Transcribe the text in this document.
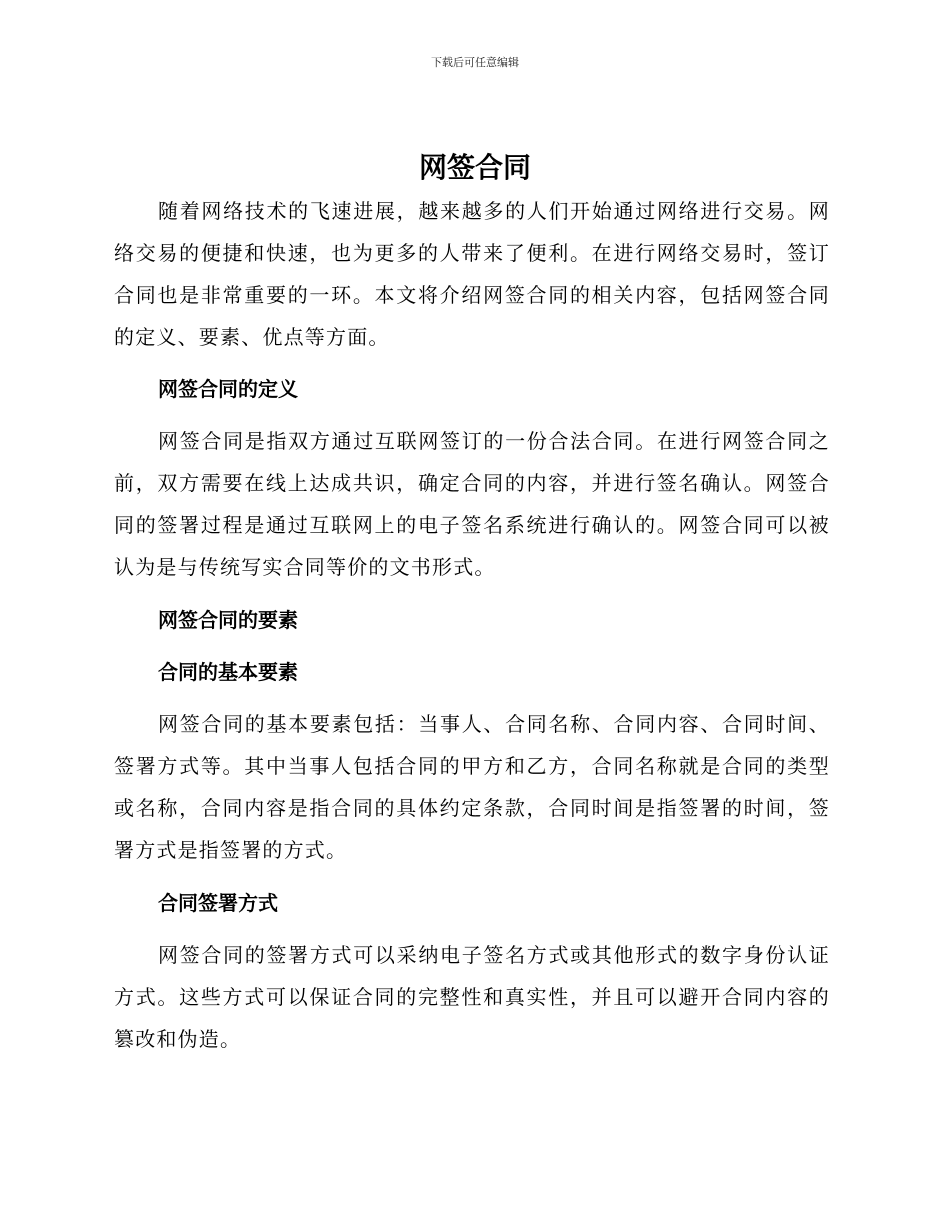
下载后可任意编辑
网签合同

随着网络技术的飞速进展，越来越多的人们开始通过网络进行交易。网络交易的便捷和快速，也为更多的人带来了便利。在进行网络交易时，签订合同也是非常重要的一环。本文将介绍网签合同的相关内容，包括网签合同的定义、要素、优点等方面。

网签合同的定义

网签合同是指双方通过互联网签订的一份合法合同。在进行网签合同之前，双方需要在线上达成共识，确定合同的内容，并进行签名确认。网签合同的签署过程是通过互联网上的电子签名系统进行确认的。网签合同可以被认为是与传统写实合同等价的文书形式。

网签合同的要素

合同的基本要素

网签合同的基本要素包括：当事人、合同名称、合同内容、合同时间、签署方式等。其中当事人包括合同的甲方和乙方，合同名称就是合同的类型或名称，合同内容是指合同的具体约定条款，合同时间是指签署的时间，签署方式是指签署的方式。

合同签署方式

网签合同的签署方式可以采纳电子签名方式或其他形式的数字身份认证方式。这些方式可以保证合同的完整性和真实性，并且可以避开合同内容的篡改和伪造。
